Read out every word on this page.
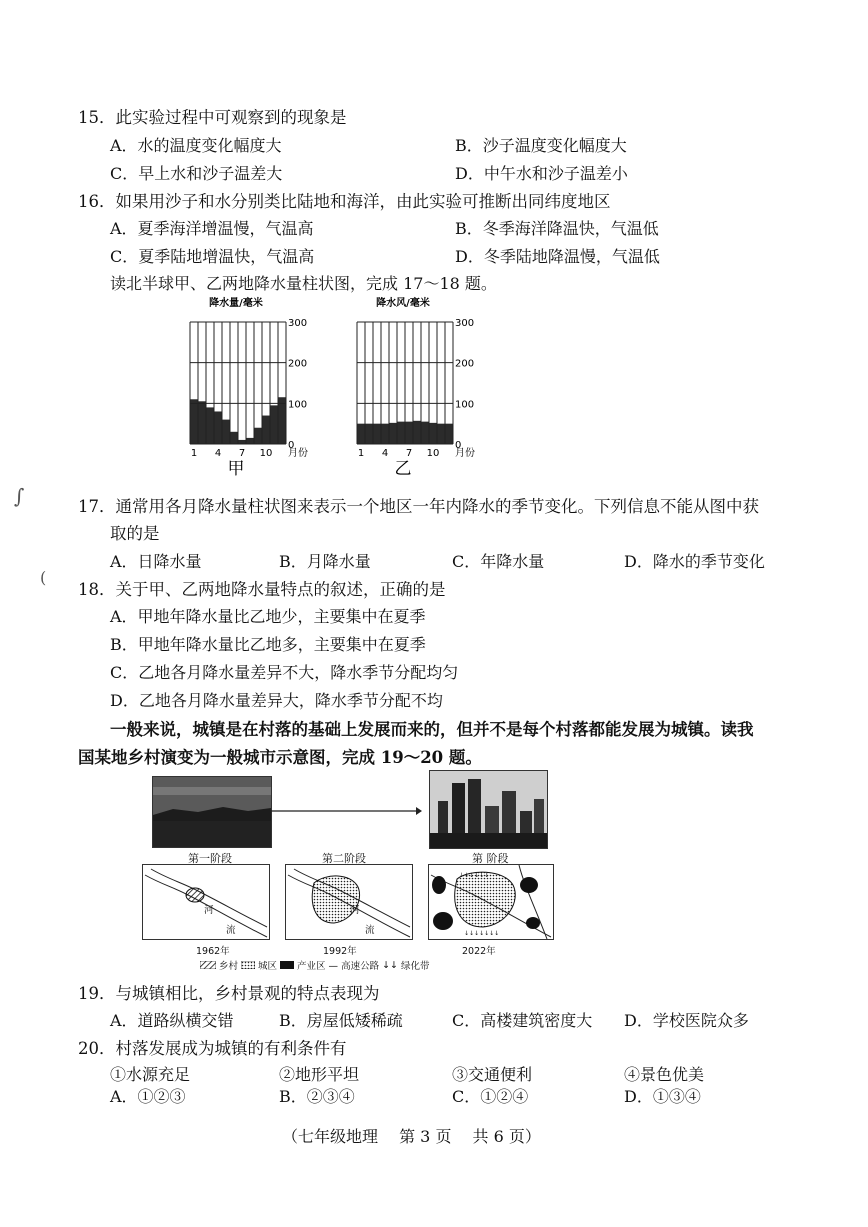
15．此实验过程中可观察到的现象是
A．水的温度变化幅度大	B．沙子温度变化幅度大
C．早上水和沙子温差大	D．中午水和沙子温差小
16．如果用沙子和水分别类比陆地和海洋，由此实验可推断出同纬度地区
A．夏季海洋增温慢，气温高	B．冬季海洋降温快，气温低
C．夏季陆地增温快，气温高	D．冬季陆地降温慢，气温低
读北半球甲、乙两地降水量柱状图，完成 17～18 题。
降水量/毫米
0
100
200
300
1 4 7 10 月份
甲
降水风/毫米
0
100
200
300
1 4 7 10 月份
乙
∫	17．通常用各月降水量柱状图来表示一个地区一年内降水的季节变化。下列信息不能从图中获
取的是
A．日降水量	B．月降水量	C．年降水量	D．降水的季节变化
(
18．关于甲、乙两地降水量特点的叙述，正确的是
A．甲地年降水量比乙地少，主要集中在夏季
B．甲地年降水量比乙地多，主要集中在夏季
C．乙地各月降水量差异不大，降水季节分配均匀
D．乙地各月降水量差异大，降水季节分配不均
一般来说，城镇是在村落的基础上发展而来的，但并不是每个村落都能发展为城镇。读我
国某地乡村演变为一般城市示意图，完成 19～20 题。
第一阶段	第二阶段	第 阶段
河
流
河
流
↓↓↓↓↓↓
↓↓↓↓↓↓↓
1962年	1992年	2022年
乡村 城区 产业区 — 高速公路 ↓↓ 绿化带
19．与城镇相比，乡村景观的特点表现为
A．道路纵横交错	B．房屋低矮稀疏	C．高楼建筑密度大 D．学校医院众多
20．村落发展成为城镇的有利条件有
①水源充足	②地形平坦	③交通便利	④景色优美
A．①②③	B．②③④	C．①②④	D．①③④
（七年级地理　 第 3 页　 共 6 页）
